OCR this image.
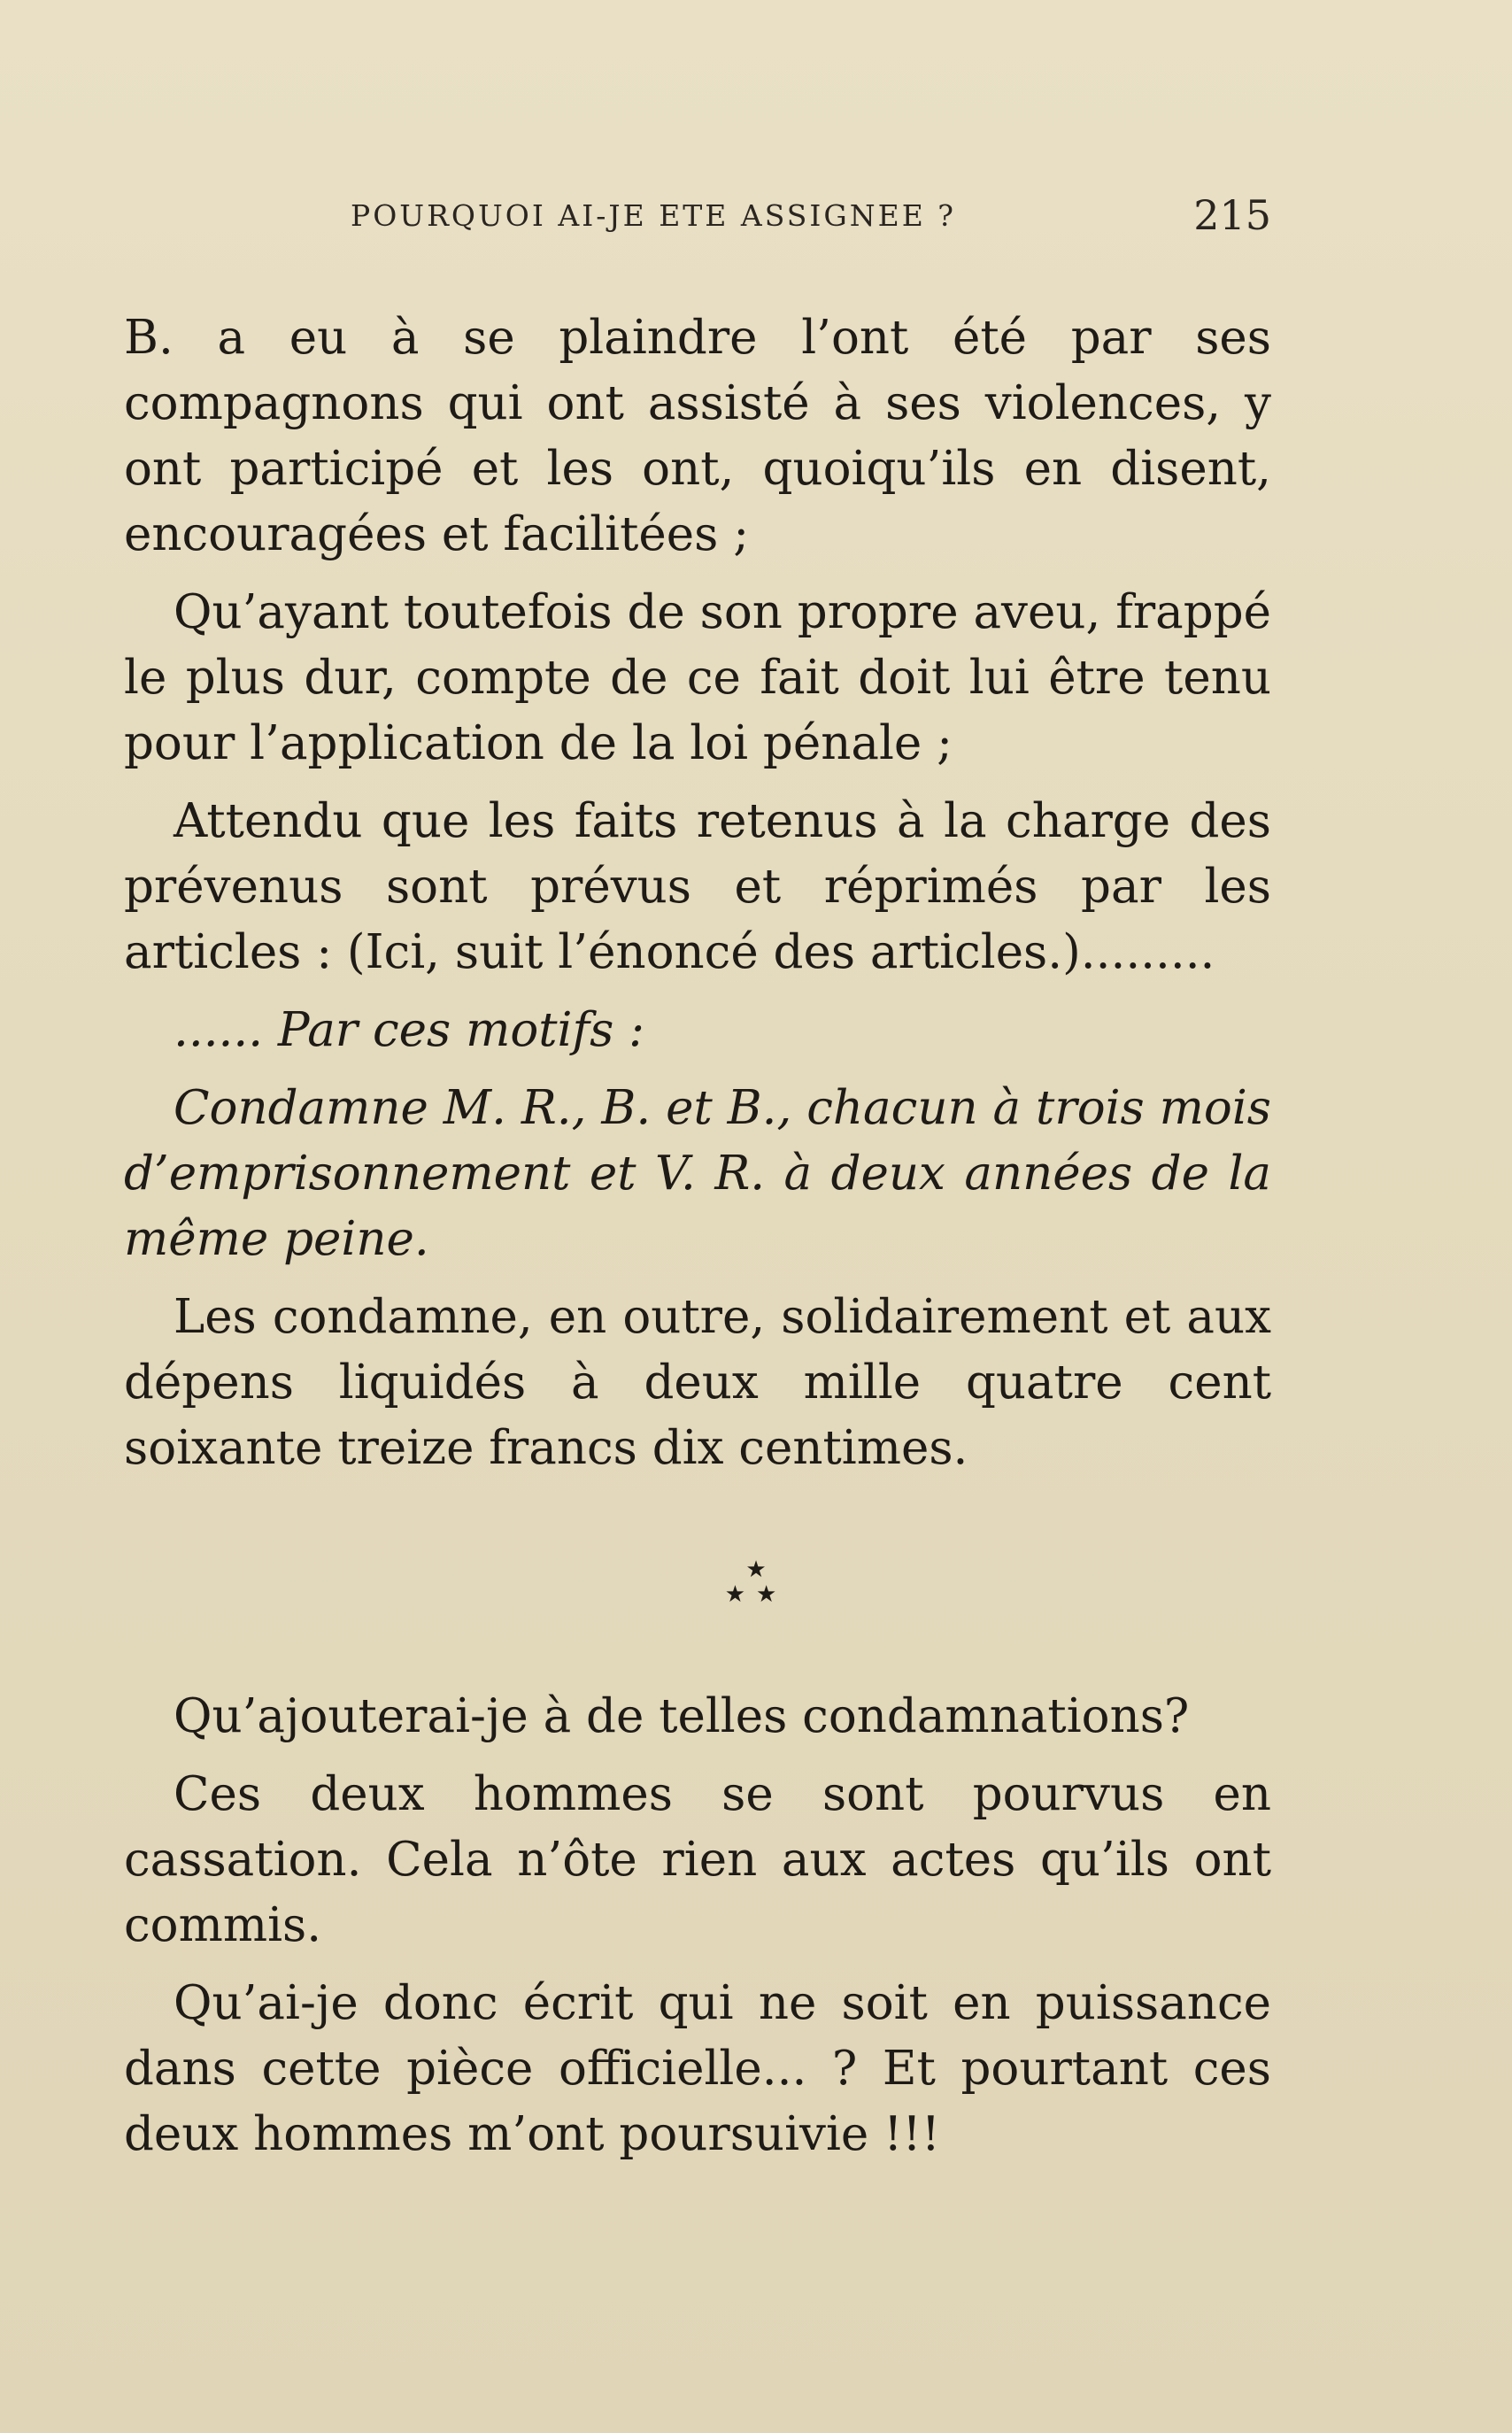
POURQUOI AI-JE ETE ASSIGNEE ?	215

B. a eu à se plaindre l’ont été par ses compagnons qui ont assisté à ses violences, y ont participé et les ont, quoiqu’ils en disent, encouragées et facilitées ;

Qu’ayant toutefois de son propre aveu, frappé le plus dur, compte de ce fait doit lui être tenu pour l’application de la loi pénale ;

Attendu que les faits retenus à la charge des prévenus sont prévus et réprimés par les articles : (Ici, suit l’énoncé des articles.).........

...... Par ces motifs :

Condamne M. R., B. et B., chacun à trois mois d’emprisonnement et V. R. à deux années de la même peine.

Les condamne, en outre, solidairement et aux dépens liquidés à deux mille quatre cent soixante treize francs dix centimes.

★
★★

Qu’ajouterai-je à de telles condamnations?

Ces deux hommes se sont pourvus en cassation. Cela n’ôte rien aux actes qu’ils ont commis.

Qu’ai-je donc écrit qui ne soit en puissance dans cette pièce officielle... ? Et pourtant ces deux hommes m’ont poursuivie !!!
